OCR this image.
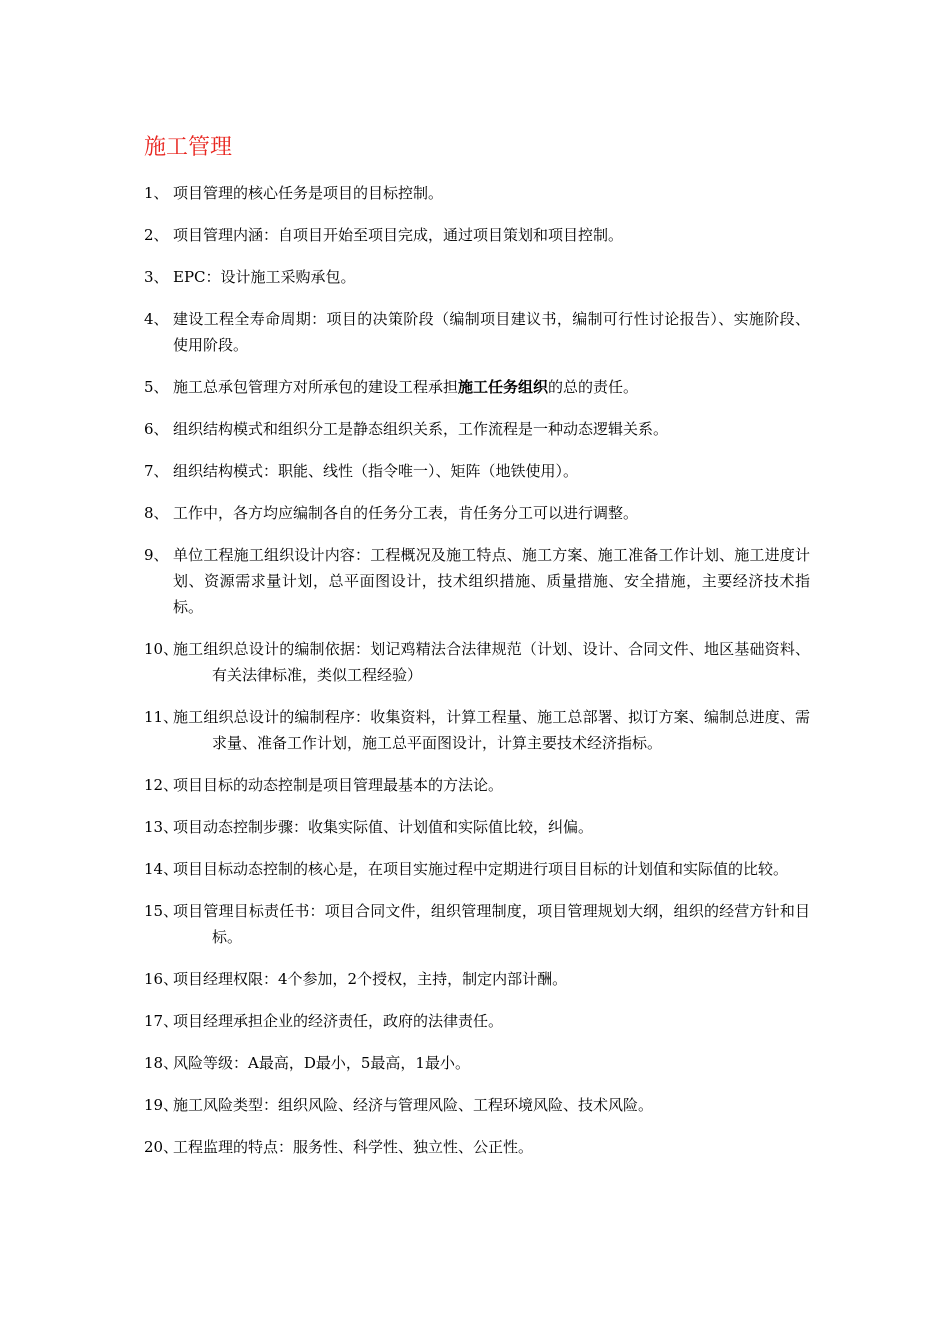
施工管理
1、 项目管理的核心任务是项目的目标控制。
2、 项目管理内涵：自项目开始至项目完成，通过项目策划和项目控制。
3、 EPC：设计施工采购承包。
4、 建设工程全寿命周期：项目的决策阶段（编制项目建议书，编制可行性讨论报告）、实施阶段、使用阶段。
5、 施工总承包管理方对所承包的建设工程承担施工任务组织的总的责任。
6、 组织结构模式和组织分工是静态组织关系，工作流程是一种动态逻辑关系。
7、 组织结构模式：职能、线性（指令唯一）、矩阵（地铁使用）。
8、 工作中，各方均应编制各自的任务分工表，肯任务分工可以进行调整。
9、 单位工程施工组织设计内容：工程概况及施工特点、施工方案、施工准备工作计划、施工进度计划、资源需求量计划，总平面图设计，技术组织措施、质量措施、安全措施，主要经济技术指标。
10、
施工组织总设计的编制依据：划记鸡精法合法律规范（计划、设计、合同文件、地区基础资料、有关法律标准，类似工程经验）
11、
施工组织总设计的编制程序：收集资料，计算工程量、施工总部署、拟订方案、编制总进度、需求量、准备工作计划，施工总平面图设计，计算主要技术经济指标。
12、
项目目标的动态控制是项目管理最基本的方法论。
13、
项目动态控制步骤：收集实际值、计划值和实际值比较，纠偏。
14、
项目目标动态控制的核心是，在项目实施过程中定期进行项目目标的计划值和实际值的比较。
15、
项目管理目标责任书：项目合同文件，组织管理制度，项目管理规划大纲，组织的经营方针和目标。
16、
项目经理权限：4个参加，2个授权，主持，制定内部计酬。
17、
项目经理承担企业的经济责任，政府的法律责任。
18、
风险等级：A最高，D最小，5最高，1最小。
19、
施工风险类型：组织风险、经济与管理风险、工程环境风险、技术风险。
20、
工程监理的特点：服务性、科学性、独立性、公正性。
